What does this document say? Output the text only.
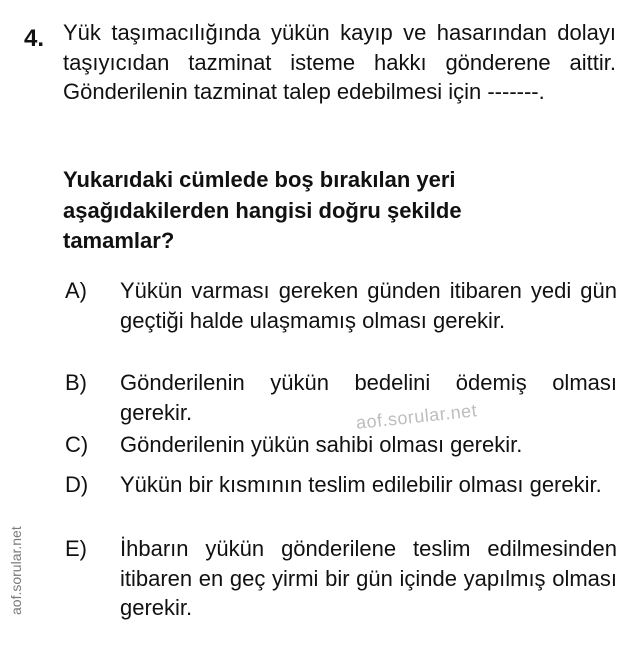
4. Yük taşımacılığında yükün kayıp ve hasarından dolayı taşıyıcıdan tazminat isteme hakkı gönderene aittir. Gönderilenin tazminat talep edebilmesi için -------.
Yukarıdaki cümlede boş bırakılan yeri aşağıdakilerden hangisi doğru şekilde tamamlar?
A) Yükün varması gereken günden itibaren yedi gün geçtiği halde ulaşmamış olması gerekir.
B) Gönderilenin yükün bedelini ödemiş olması gerekir.
C) Gönderilenin yükün sahibi olması gerekir.
D) Yükün bir kısmının teslim edilebilir olması gerekir.
E) İhbarın yükün gönderilene teslim edilmesinden itibaren en geç yirmi bir gün içinde yapılmış olması gerekir.
aof.sorular.net
aof.sorular.net
